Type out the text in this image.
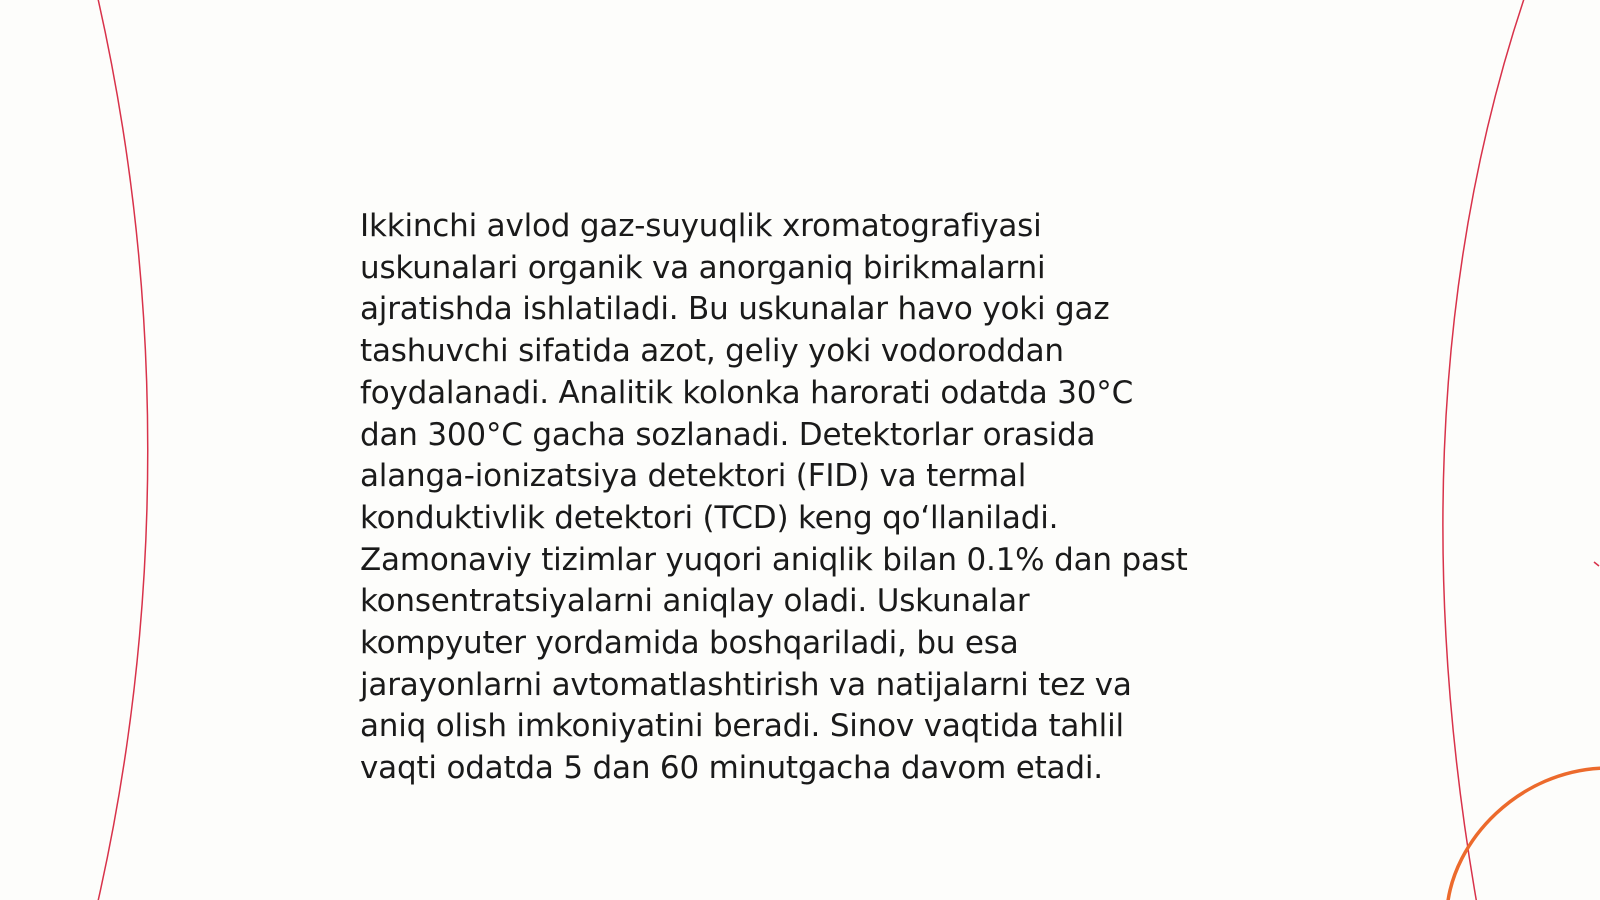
Ikkinchi avlod gaz-suyuqlik xromatografiyasi
uskunalari organik va anorganiq birikmalarni
ajratishda ishlatiladi. Bu uskunalar havo yoki gaz
tashuvchi sifatida azot, geliy yoki vodoroddan
foydalanadi. Analitik kolonka harorati odatda 30°C
dan 300°C gacha sozlanadi. Detektorlar orasida
alanga-ionizatsiya detektori (FID) va termal
konduktivlik detektori (TCD) keng qo‘llaniladi.
Zamonaviy tizimlar yuqori aniqlik bilan 0.1% dan past
konsentratsiyalarni aniqlay oladi. Uskunalar
kompyuter yordamida boshqariladi, bu esa
jarayonlarni avtomatlashtirish va natijalarni tez va
aniq olish imkoniyatini beradi. Sinov vaqtida tahlil
vaqti odatda 5 dan 60 minutgacha davom etadi.
